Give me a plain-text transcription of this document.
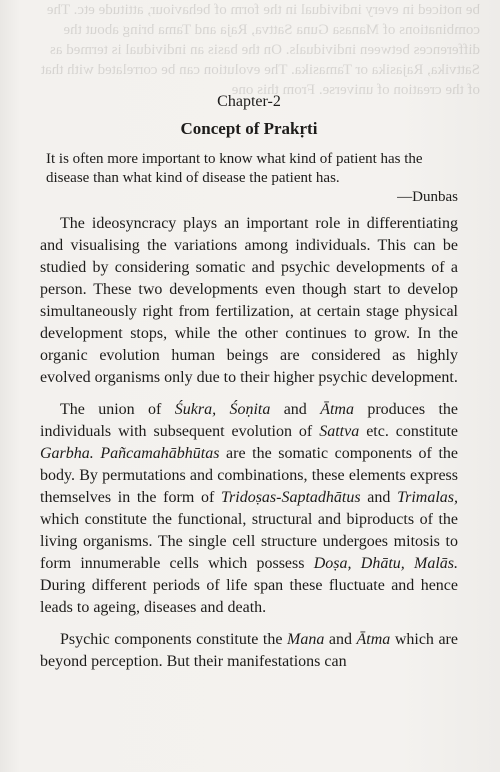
be noticed in every individual in the form of behaviour, attitude etc. The combinations of Manasa Guna Sattva, Raja and Tama bring about the differences between individuals. On the basis an individual is termed as Sattvika, Rajasika or Tamasika. The evolution can be correlated with that of the creation of universe. From this one

Chapter-2

Concept of Prakṛti

It is often more important to know what kind of patient has the disease than what kind of disease the patient has.

—Dunbas

The ideosyncracy plays an important role in differentiating and visualising the variations among individuals. This can be studied by considering somatic and psychic developments of a person. These two developments even though start to develop simultaneously right from fertilization, at certain stage physical development stops, while the other continues to grow. In the organic evolution human beings are considered as highly evolved organisms only due to their higher psychic development.

The union of Śukra, Śoṇita and Ātma produces the individuals with subsequent evolution of Sattva etc. constitute Garbha. Pañcamahābhūtas are the somatic components of the body. By permutations and combinations, these elements express themselves in the form of Tridoṣas-Saptadhātus and Trimalas, which constitute the functional, structural and biproducts of the living organisms. The single cell structure undergoes mitosis to form innumerable cells which possess Doṣa, Dhātu, Malās. During different periods of life span these fluctuate and hence leads to ageing, diseases and death.

Psychic components constitute the Mana and Ātma which are beyond perception. But their manifestations can
